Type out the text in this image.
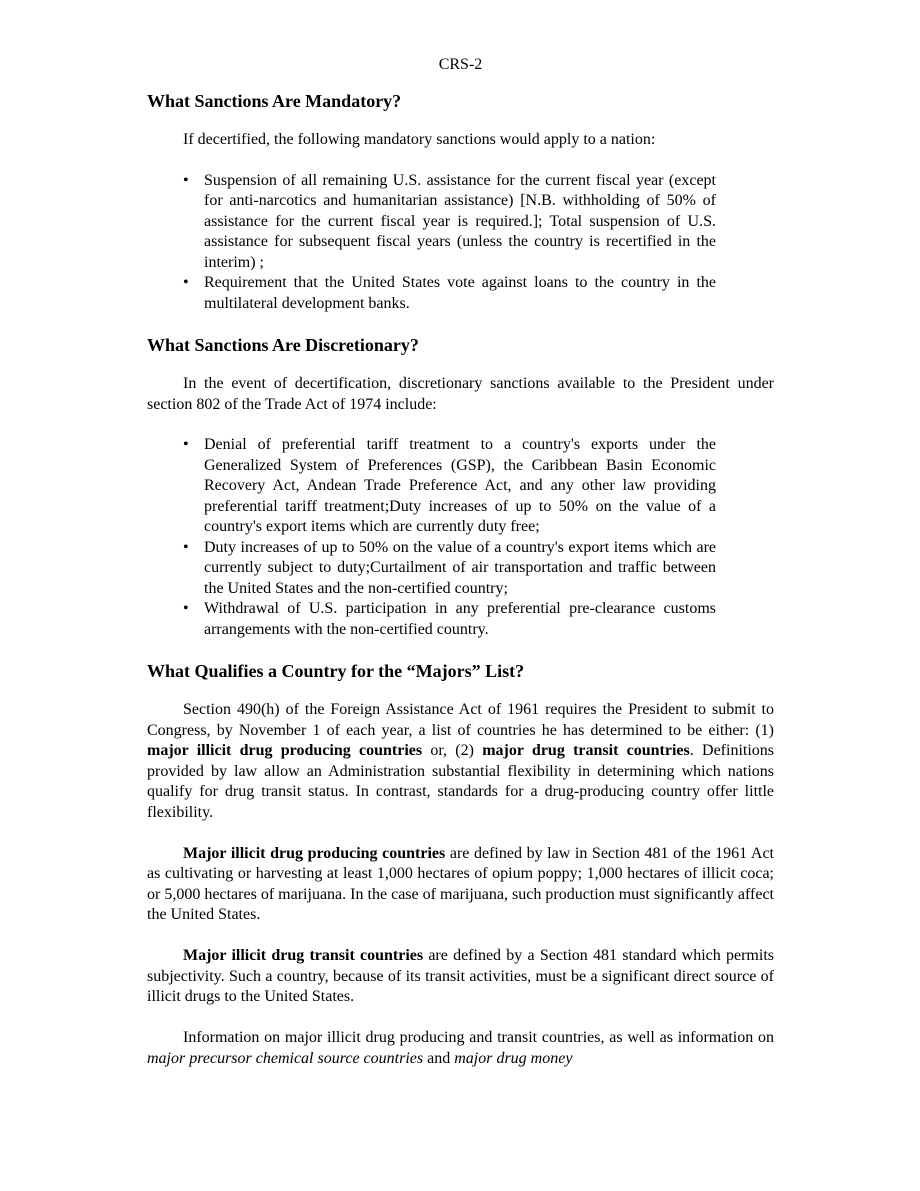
CRS-2
What Sanctions Are Mandatory?

If decertified, the following mandatory sanctions would apply to a nation:

• Suspension of all remaining U.S. assistance for the current fiscal year (except for anti-narcotics and humanitarian assistance) [N.B. withholding of 50% of assistance for the current fiscal year is required.]; Total suspension of U.S. assistance for subsequent fiscal years (unless the country is recertified in the interim) ;
• Requirement that the United States vote against loans to the country in the multilateral development banks.
What Sanctions Are Discretionary?

In the event of decertification, discretionary sanctions available to the President under section 802 of the Trade Act of 1974 include:

• Denial of preferential tariff treatment to a country's exports under the Generalized System of Preferences (GSP), the Caribbean Basin Economic Recovery Act, Andean Trade Preference Act, and any other law providing preferential tariff treatment;Duty increases of up to 50% on the value of a country's export items which are currently duty free;
• Duty increases of up to 50% on the value of a country's export items which are currently subject to duty;Curtailment of air transportation and traffic between the United States and the non-certified country;
• Withdrawal of U.S. participation in any preferential pre-clearance customs arrangements with the non-certified country.
What Qualifies a Country for the “Majors” List?

Section 490(h) of the Foreign Assistance Act of 1961 requires the President to submit to Congress, by November 1 of each year, a list of countries he has determined to be either: (1) major illicit drug producing countries or, (2) major drug transit countries. Definitions provided by law allow an Administration substantial flexibility in determining which nations qualify for drug transit status. In contrast, standards for a drug-producing country offer little flexibility.

Major illicit drug producing countries are defined by law in Section 481 of the 1961 Act as cultivating or harvesting at least 1,000 hectares of opium poppy; 1,000 hectares of illicit coca; or 5,000 hectares of marijuana. In the case of marijuana, such production must significantly affect the United States.

Major illicit drug transit countries are defined by a Section 481 standard which permits subjectivity. Such a country, because of its transit activities, must be a significant direct source of illicit drugs to the United States.

Information on major illicit drug producing and transit countries, as well as information on major precursor chemical source countries and major drug money
